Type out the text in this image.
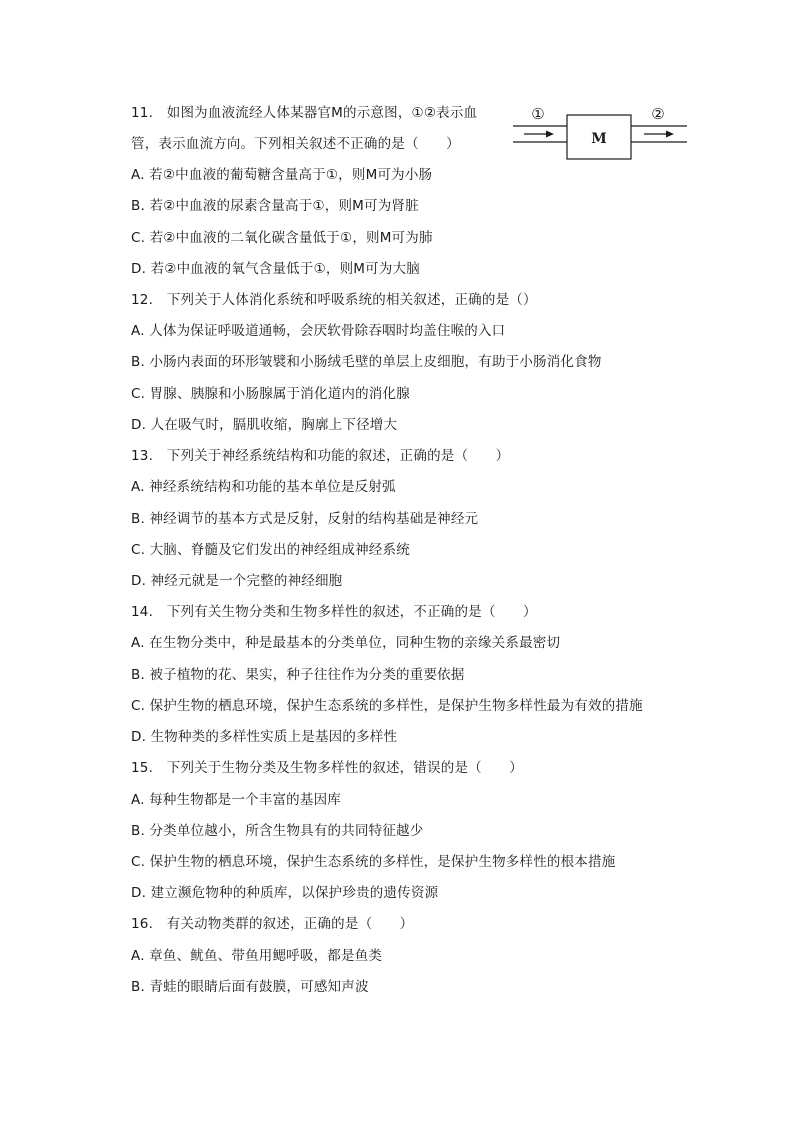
11.　如图为血液流经人体某器官M的示意图，①②表示血
管，表示血流方向。下列相关叙述不正确的是（　　）
A. 若②中血液的葡萄糖含量高于①，则M可为小肠
B. 若②中血液的尿素含量高于①，则M可为肾脏
C. 若②中血液的二氧化碳含量低于①，则M可为肺
D. 若②中血液的氧气含量低于①，则M可为大脑
M
①	②
12.　下列关于人体消化系统和呼吸系统的相关叙述，正确的是（）
A. 人体为保证呼吸道通畅，会厌软骨除吞咽时均盖住喉的入口
B. 小肠内表面的环形皱襞和小肠绒毛壁的单层上皮细胞，有助于小肠消化食物
C. 胃腺、胰腺和小肠腺属于消化道内的消化腺
D. 人在吸气时，膈肌收缩，胸廓上下径增大
13.　下列关于神经系统结构和功能的叙述，正确的是（　　）
A. 神经系统结构和功能的基本单位是反射弧
B. 神经调节的基本方式是反射，反射的结构基础是神经元
C. 大脑、脊髓及它们发出的神经组成神经系统
D. 神经元就是一个完整的神经细胞
14.　下列有关生物分类和生物多样性的叙述，不正确的是（　　）
A. 在生物分类中，种是最基本的分类单位，同种生物的亲缘关系最密切
B. 被子植物的花、果实，种子往往作为分类的重要依据
C. 保护生物的栖息环境，保护生态系统的多样性，是保护生物多样性最为有效的措施
D. 生物种类的多样性实质上是基因的多样性
15.　下列关于生物分类及生物多样性的叙述，错误的是（　　）
A. 每种生物都是一个丰富的基因库
B. 分类单位越小，所含生物具有的共同特征越少
C. 保护生物的栖息环境，保护生态系统的多样性，是保护生物多样性的根本措施
D. 建立濒危物种的种质库，以保护珍贵的遗传资源
16.　有关动物类群的叙述，正确的是（　　）
A. 章鱼、鱿鱼、带鱼用鳃呼吸，都是鱼类
B. 青蛙的眼睛后面有鼓膜，可感知声波
